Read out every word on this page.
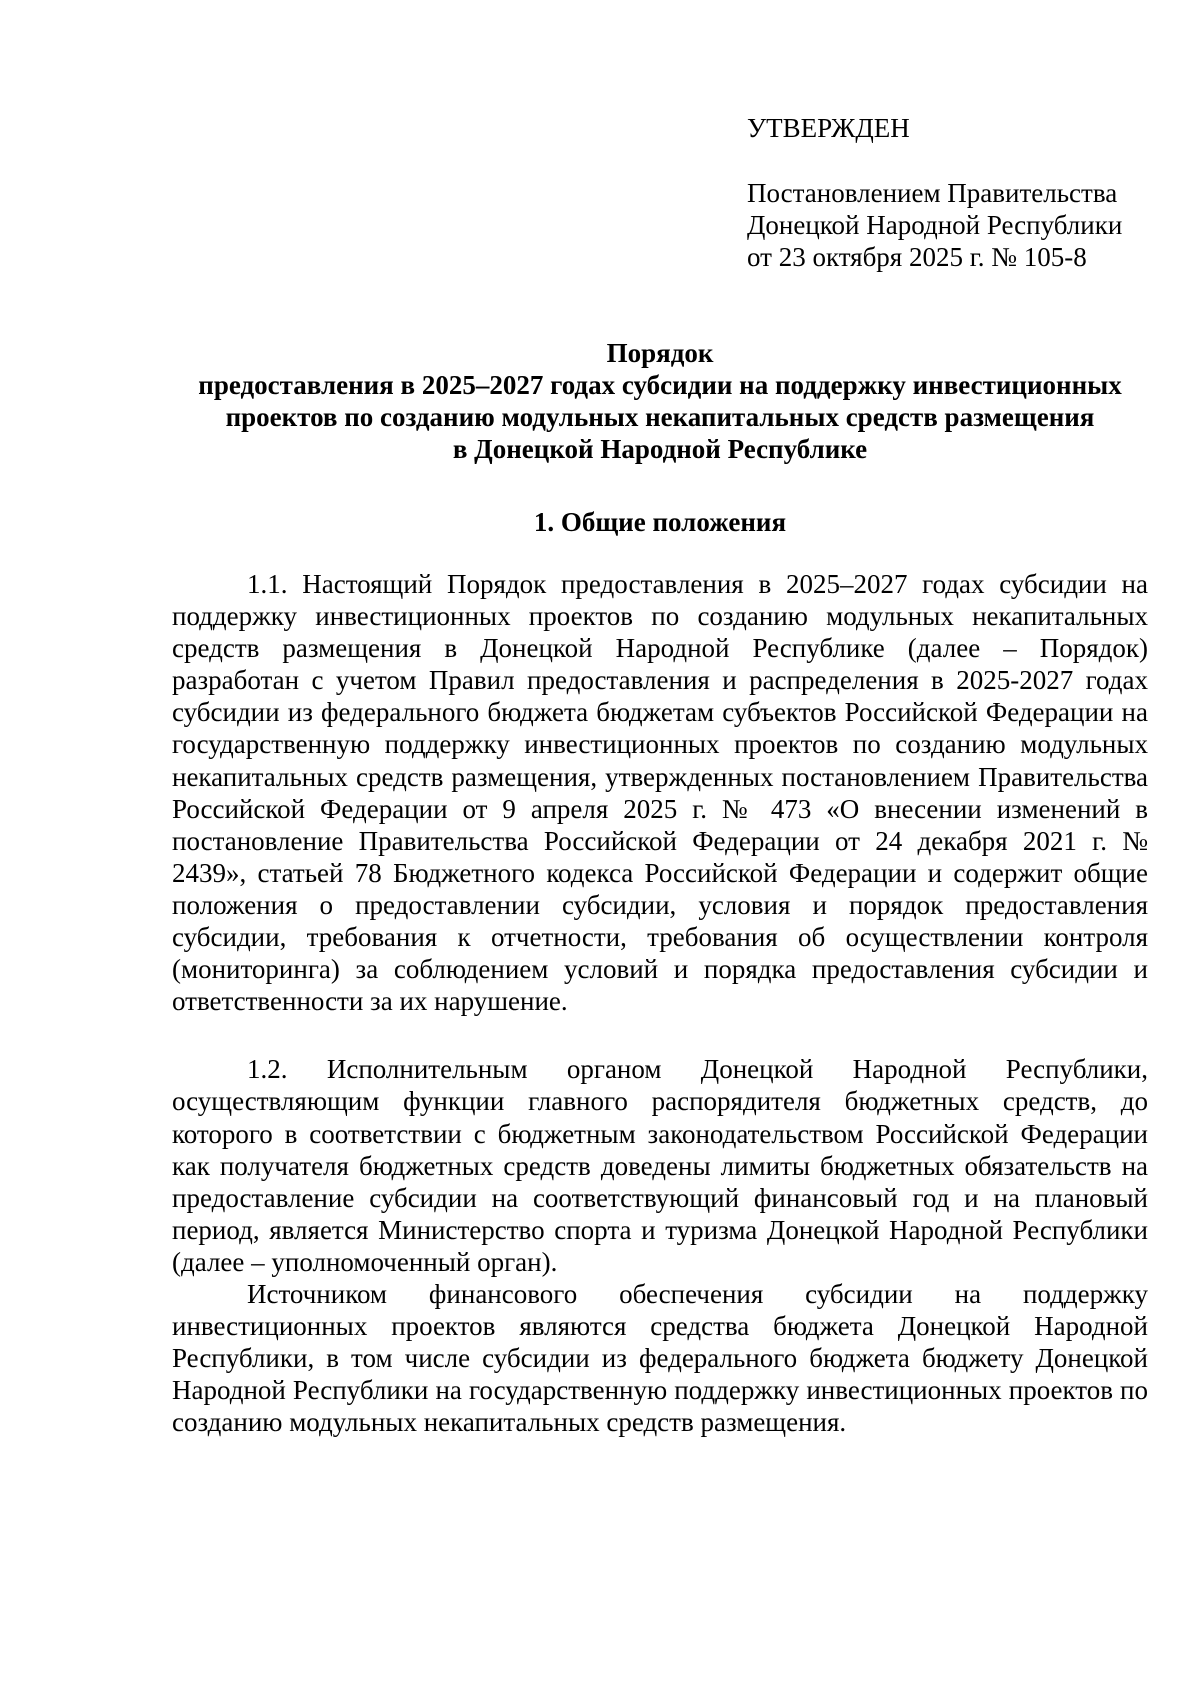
УТВЕРЖДЕН

Постановлением Правительства
Донецкой Народной Республики
от 23 октября 2025 г. № 105-8

Порядок
предоставления в 2025–2027 годах субсидии на поддержку инвестиционных
проектов по созданию модульных некапитальных средств размещения
в Донецкой Народной Республике
1. Общие положения

1.1. Настоящий Порядок предоставления в 2025–2027 годах субсидии на поддержку инвестиционных проектов по созданию модульных некапитальных средств размещения в Донецкой Народной Республике (далее – Порядок) разработан с учетом Правил предоставления и распределения в 2025-2027 годах субсидии из федерального бюджета бюджетам субъектов Российской Федерации на государственную поддержку инвестиционных проектов по созданию модульных некапитальных средств размещения, утвержденных постановлением Правительства Российской Федерации от 9 апреля 2025 г. № 473 «О внесении изменений в постановление Правительства Российской Федерации от 24 декабря 2021 г. № 2439», статьей 78 Бюджетного кодекса Российской Федерации и содержит общие положения о предоставлении субсидии, условия и порядок предоставления субсидии, требования к отчетности, требования об осуществлении контроля (мониторинга) за соблюдением условий и порядка предоставления субсидии и ответственности за их нарушение.

1.2. Исполнительным органом Донецкой Народной Республики, осуществляющим функции главного распорядителя бюджетных средств, до которого в соответствии с бюджетным законодательством Российской Федерации как получателя бюджетных средств доведены лимиты бюджетных обязательств на предоставление субсидии на соответствующий финансовый год и на плановый период, является Министерство спорта и туризма Донецкой Народной Республики (далее – уполномоченный орган).

Источником финансового обеспечения субсидии на поддержку инвестиционных проектов являются средства бюджета Донецкой Народной Республики, в том числе субсидии из федерального бюджета бюджету Донецкой Народной Республики на государственную поддержку инвестиционных проектов по созданию модульных некапитальных средств размещения.
